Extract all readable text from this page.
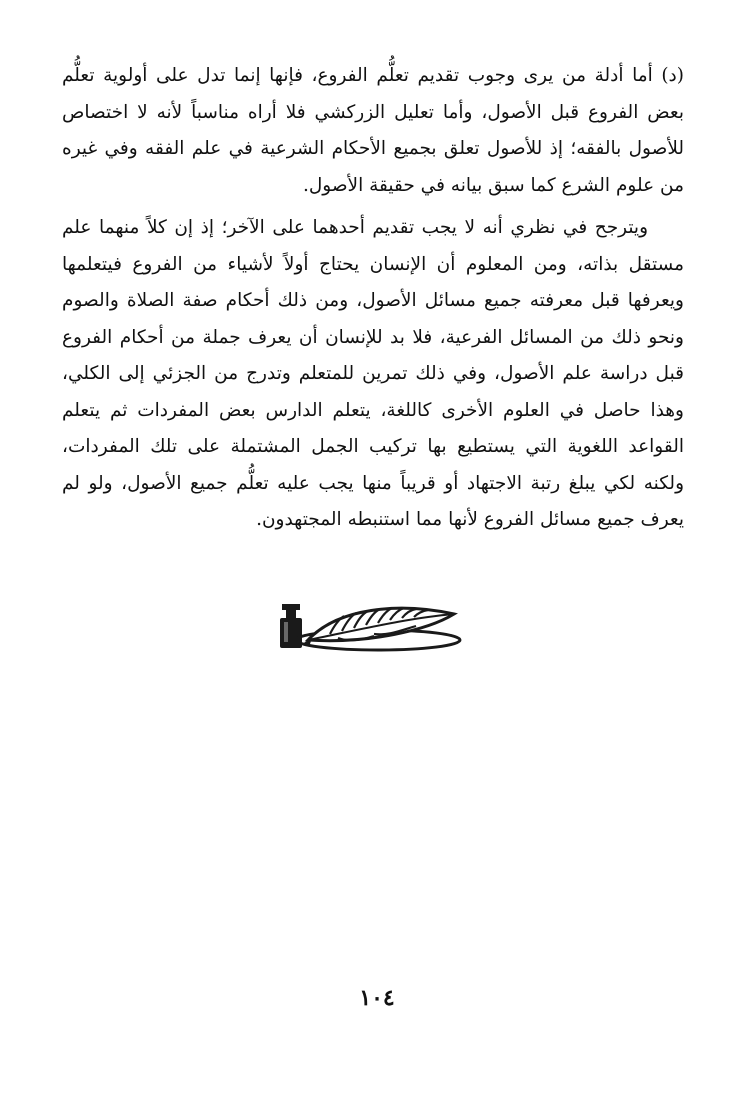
(د) أما أدلة من يرى وجوب تقديم تعلُّم الفروع، فإنها إنما تدل على أولوية تعلُّم بعض الفروع قبل الأصول، وأما تعليل الزركشي فلا أراه مناسباً لأنه لا اختصاص للأصول بالفقه؛ إذ للأصول تعلق بجميع الأحكام الشرعية في علم الفقه وفي غيره من علوم الشرع كما سبق بيانه في حقيقة الأصول.

ويترجح في نظري أنه لا يجب تقديم أحدهما على الآخر؛ إذ إن كلاً منهما علم مستقل بذاته، ومن المعلوم أن الإنسان يحتاج أولاً لأشياء من الفروع فيتعلمها ويعرفها قبل معرفته جميع مسائل الأصول، ومن ذلك أحكام صفة الصلاة والصوم ونحو ذلك من المسائل الفرعية، فلا بد للإنسان أن يعرف جملة من أحكام الفروع قبل دراسة علم الأصول، وفي ذلك تمرين للمتعلم وتدرج من الجزئي إلى الكلي، وهذا حاصل في العلوم الأخرى كاللغة، يتعلم الدارس بعض المفردات ثم يتعلم القواعد اللغوية التي يستطيع بها تركيب الجمل المشتملة على تلك المفردات، ولكنه لكي يبلغ رتبة الاجتهاد أو قريباً منها يجب عليه تعلُّم جميع الأصول، ولو لم يعرف جميع مسائل الفروع لأنها مما استنبطه المجتهدون.

١٠٤
